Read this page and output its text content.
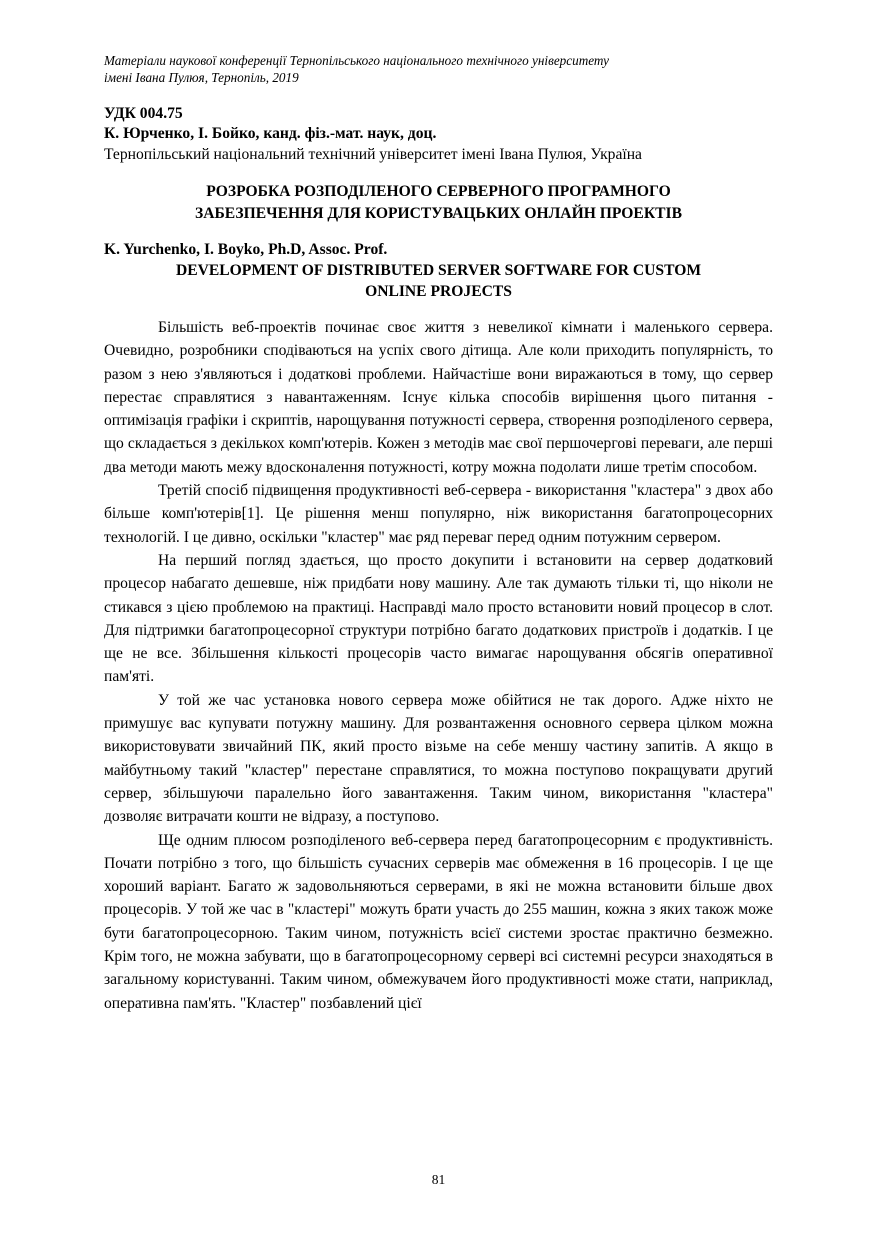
Матеріали наукової конференції Тернопільського національного технічного університету
імені Івана Пулюя, Тернопіль, 2019
УДК 004.75
К. Юрченко, І. Бойко, канд. фіз.-мат. наук, доц.
Тернопільський національний технічний університет імені Івана Пулюя, Україна
РОЗРОБКА РОЗПОДІЛЕНОГО СЕРВЕРНОГО ПРОГРАМНОГО
ЗАБЕЗПЕЧЕННЯ ДЛЯ КОРИСТУВАЦЬКИХ ОНЛАЙН ПРОЕКТІВ
K. Yurchenko, I. Boyko, Ph.D, Assoc. Prof.
DEVELOPMENT OF DISTRIBUTED SERVER SOFTWARE FOR CUSTOM
ONLINE PROJECTS

Більшість веб-проектів починає своє життя з невеликої кімнати і маленького сервера. Очевидно, розробники сподіваються на успіх свого дітища. Але коли приходить популярність, то разом з нею з'являються і додаткові проблеми. Найчастіше вони виражаються в тому, що сервер перестає справлятися з навантаженням. Існує кілька способів вирішення цього питання - оптимізація графіки і скриптів, нарощування потужності сервера, створення розподіленого сервера, що складається з декількох комп'ютерів. Кожен з методів має свої першочергові переваги, але перші два методи мають межу вдосконалення потужності, котру можна подолати лише третім способом.

Третій спосіб підвищення продуктивності веб-сервера - використання "кластера" з двох або більше комп'ютерів[1]. Це рішення менш популярно, ніж використання багатопроцесорних технологій. І це дивно, оскільки "кластер" має ряд переваг перед одним потужним сервером.

На перший погляд здається, що просто докупити і встановити на сервер додатковий процесор набагато дешевше, ніж придбати нову машину. Але так думають тільки ті, що ніколи не стикався з цією проблемою на практиці. Насправді мало просто встановити новий процесор в слот. Для підтримки багатопроцесорної структури потрібно багато додаткових пристроїв і додатків. І це ще не все. Збільшення кількості процесорів часто вимагає нарощування обсягів оперативної пам'яті.

У той же час установка нового сервера може обійтися не так дорого. Адже ніхто не примушує вас купувати потужну машину. Для розвантаження основного сервера цілком можна використовувати звичайний ПК, який просто візьме на себе меншу частину запитів. А якщо в майбутньому такий "кластер" перестане справлятися, то можна поступово покращувати другий сервер, збільшуючи паралельно його завантаження. Таким чином, використання "кластера" дозволяє витрачати кошти не відразу, а поступово.

Ще одним плюсом розподіленого веб-сервера перед багатопроцесорним є продуктивність. Почати потрібно з того, що більшість сучасних серверів має обмеження в 16 процесорів. І це ще хороший варіант. Багато ж задовольняються серверами, в які не можна встановити більше двох процесорів. У той же час в "кластері" можуть брати участь до 255 машин, кожна з яких також може бути багатопроцесорною. Таким чином, потужність всієї системи зростає практично безмежно. Крім того, не можна забувати, що в багатопроцесорному сервері всі системні ресурси знаходяться в загальному користуванні. Таким чином, обмежувачем його продуктивності може стати, наприклад, оперативна пам'ять. "Кластер" позбавлений цієї

81
